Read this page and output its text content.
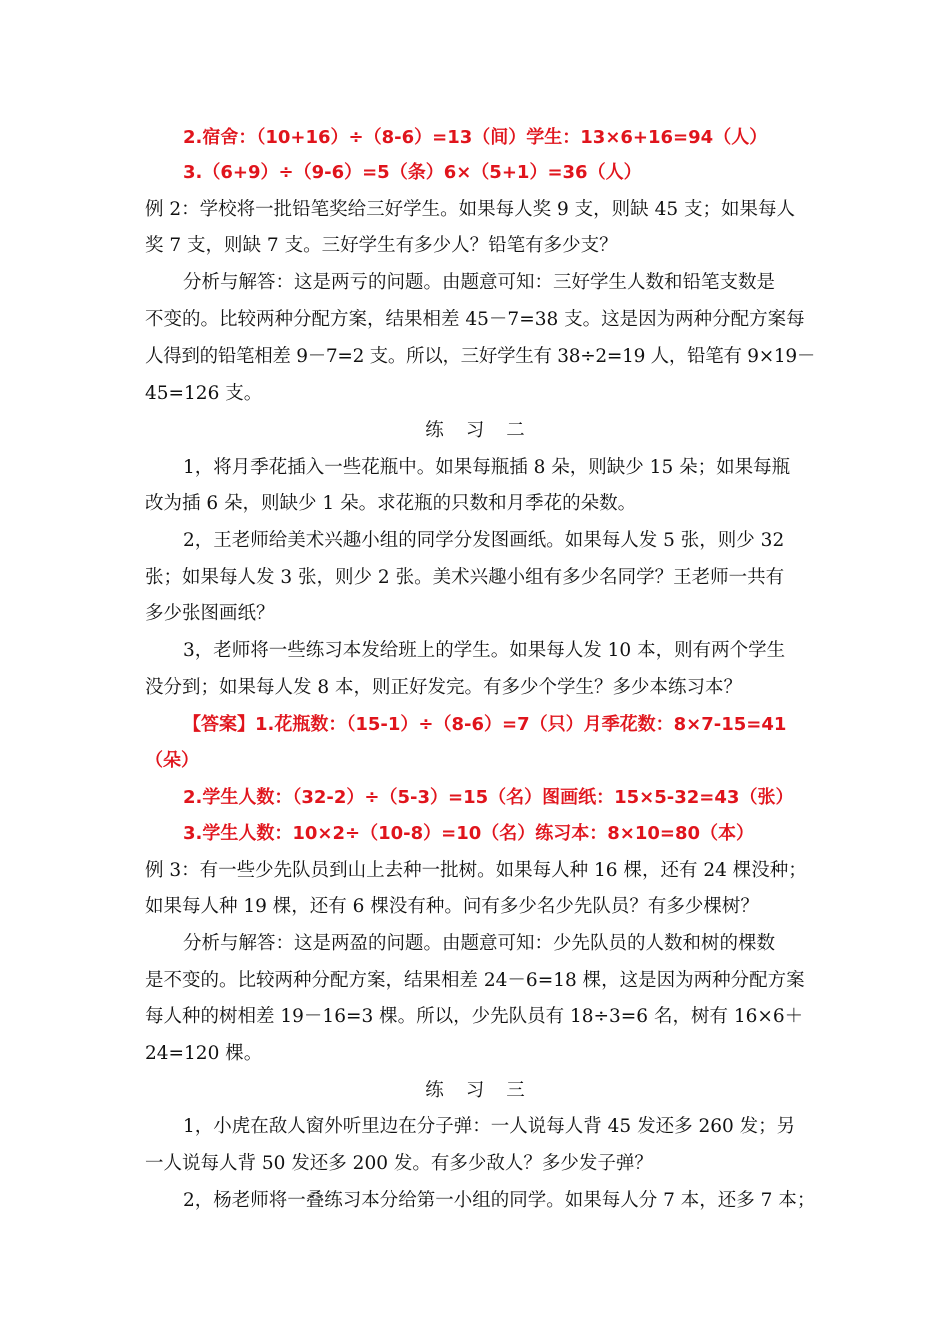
2.宿舍：（10+16）÷（8-6）=13（间）学生：13×6+16=94（人）
3.（6+9）÷（9-6）=5（条）6×（5+1）=36（人）
例 2：学校将一批铅笔奖给三好学生。如果每人奖 9 支，则缺 45 支；如果每人
奖 7 支，则缺 7 支。三好学生有多少人？铅笔有多少支？
分析与解答：这是两亏的问题。由题意可知：三好学生人数和铅笔支数是
不变的。比较两种分配方案，结果相差 45－7=38 支。这是因为两种分配方案每
人得到的铅笔相差 9－7=2 支。所以，三好学生有 38÷2=19 人，铅笔有 9×19－
45=126 支。
练习二
1，将月季花插入一些花瓶中。如果每瓶插 8 朵，则缺少 15 朵；如果每瓶
改为插 6 朵，则缺少 1 朵。求花瓶的只数和月季花的朵数。
2，王老师给美术兴趣小组的同学分发图画纸。如果每人发 5 张，则少 32
张；如果每人发 3 张，则少 2 张。美术兴趣小组有多少名同学？王老师一共有
多少张图画纸？
3，老师将一些练习本发给班上的学生。如果每人发 10 本，则有两个学生
没分到；如果每人发 8 本，则正好发完。有多少个学生？多少本练习本？
【答案】1.花瓶数：（15-1）÷（8-6）=7（只）月季花数：8×7-15=41
（朵）
2.学生人数：（32-2）÷（5-3）=15（名）图画纸：15×5-32=43（张）
3.学生人数：10×2÷（10-8）=10（名）练习本：8×10=80（本）
例 3：有一些少先队员到山上去种一批树。如果每人种 16 棵，还有 24 棵没种；
如果每人种 19 棵，还有 6 棵没有种。问有多少名少先队员？有多少棵树？
分析与解答：这是两盈的问题。由题意可知：少先队员的人数和树的棵数
是不变的。比较两种分配方案，结果相差 24－6=18 棵，这是因为两种分配方案
每人种的树相差 19－16=3 棵。所以，少先队员有 18÷3=6 名，树有 16×6＋
24=120 棵。
练习三
1，小虎在敌人窗外听里边在分子弹：一人说每人背 45 发还多 260 发；另
一人说每人背 50 发还多 200 发。有多少敌人？多少发子弹？
2，杨老师将一叠练习本分给第一小组的同学。如果每人分 7 本，还多 7 本；
